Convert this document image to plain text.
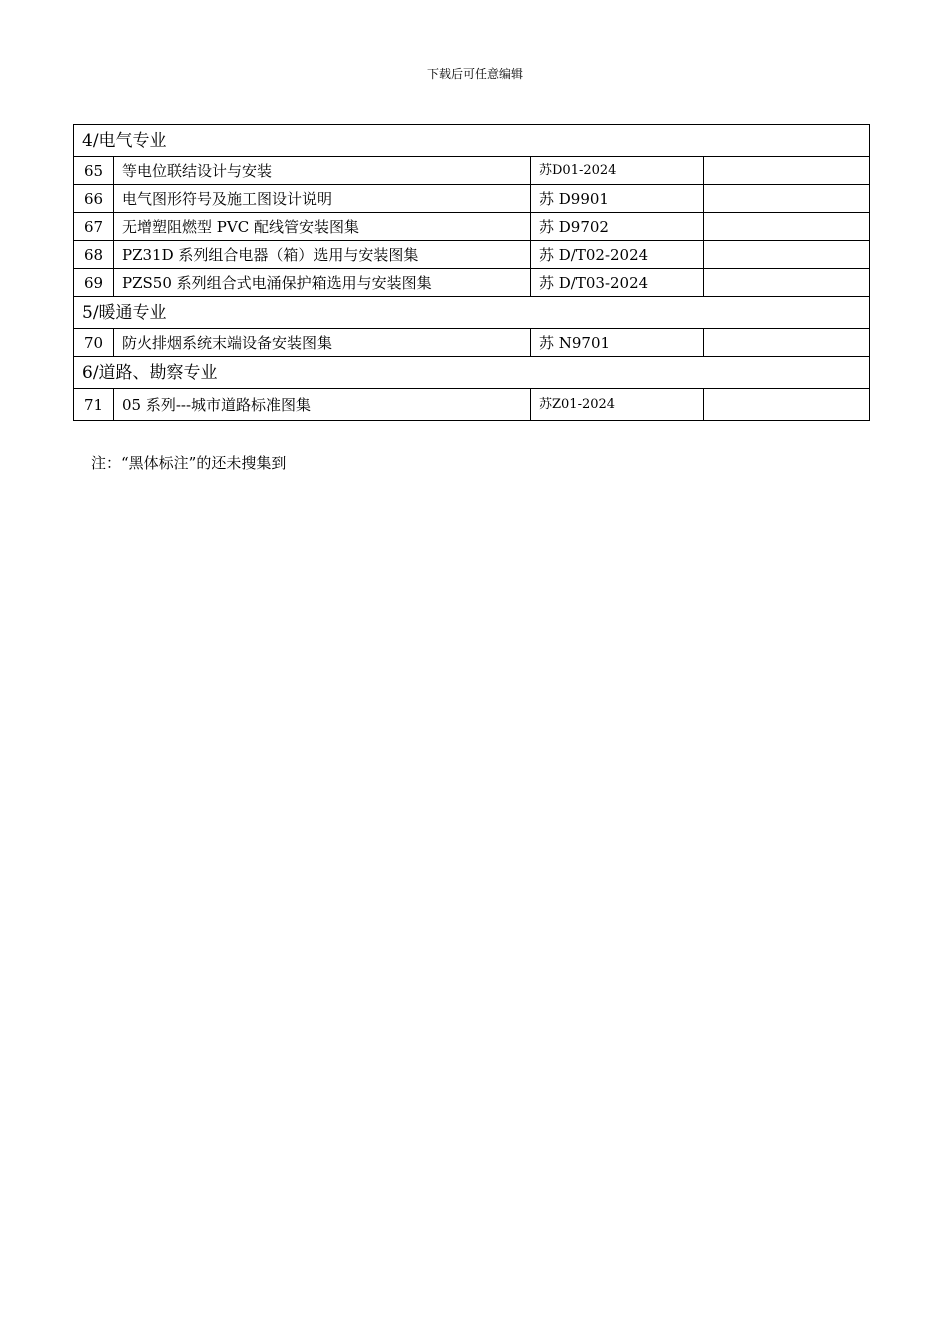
下载后可任意编辑
4/电气专业			
65	等电位联结设计与安装	苏D01-2024	
66	电气图形符号及施工图设计说明	苏 D9901	
67	无增塑阻燃型 PVC 配线管安装图集	苏 D9702	
68	PZ31D 系列组合电器（箱）选用与安装图集	苏 D/T02-2024	
69	PZS50 系列组合式电涌保护箱选用与安装图集	苏 D/T03-2024	
5/暖通专业			
70	防火排烟系统末端设备安装图集	苏 N9701	
6/道路、勘察专业			
71	05 系列---城市道路标准图集	苏Z01-2024	
注：“黑体标注”的还未搜集到
